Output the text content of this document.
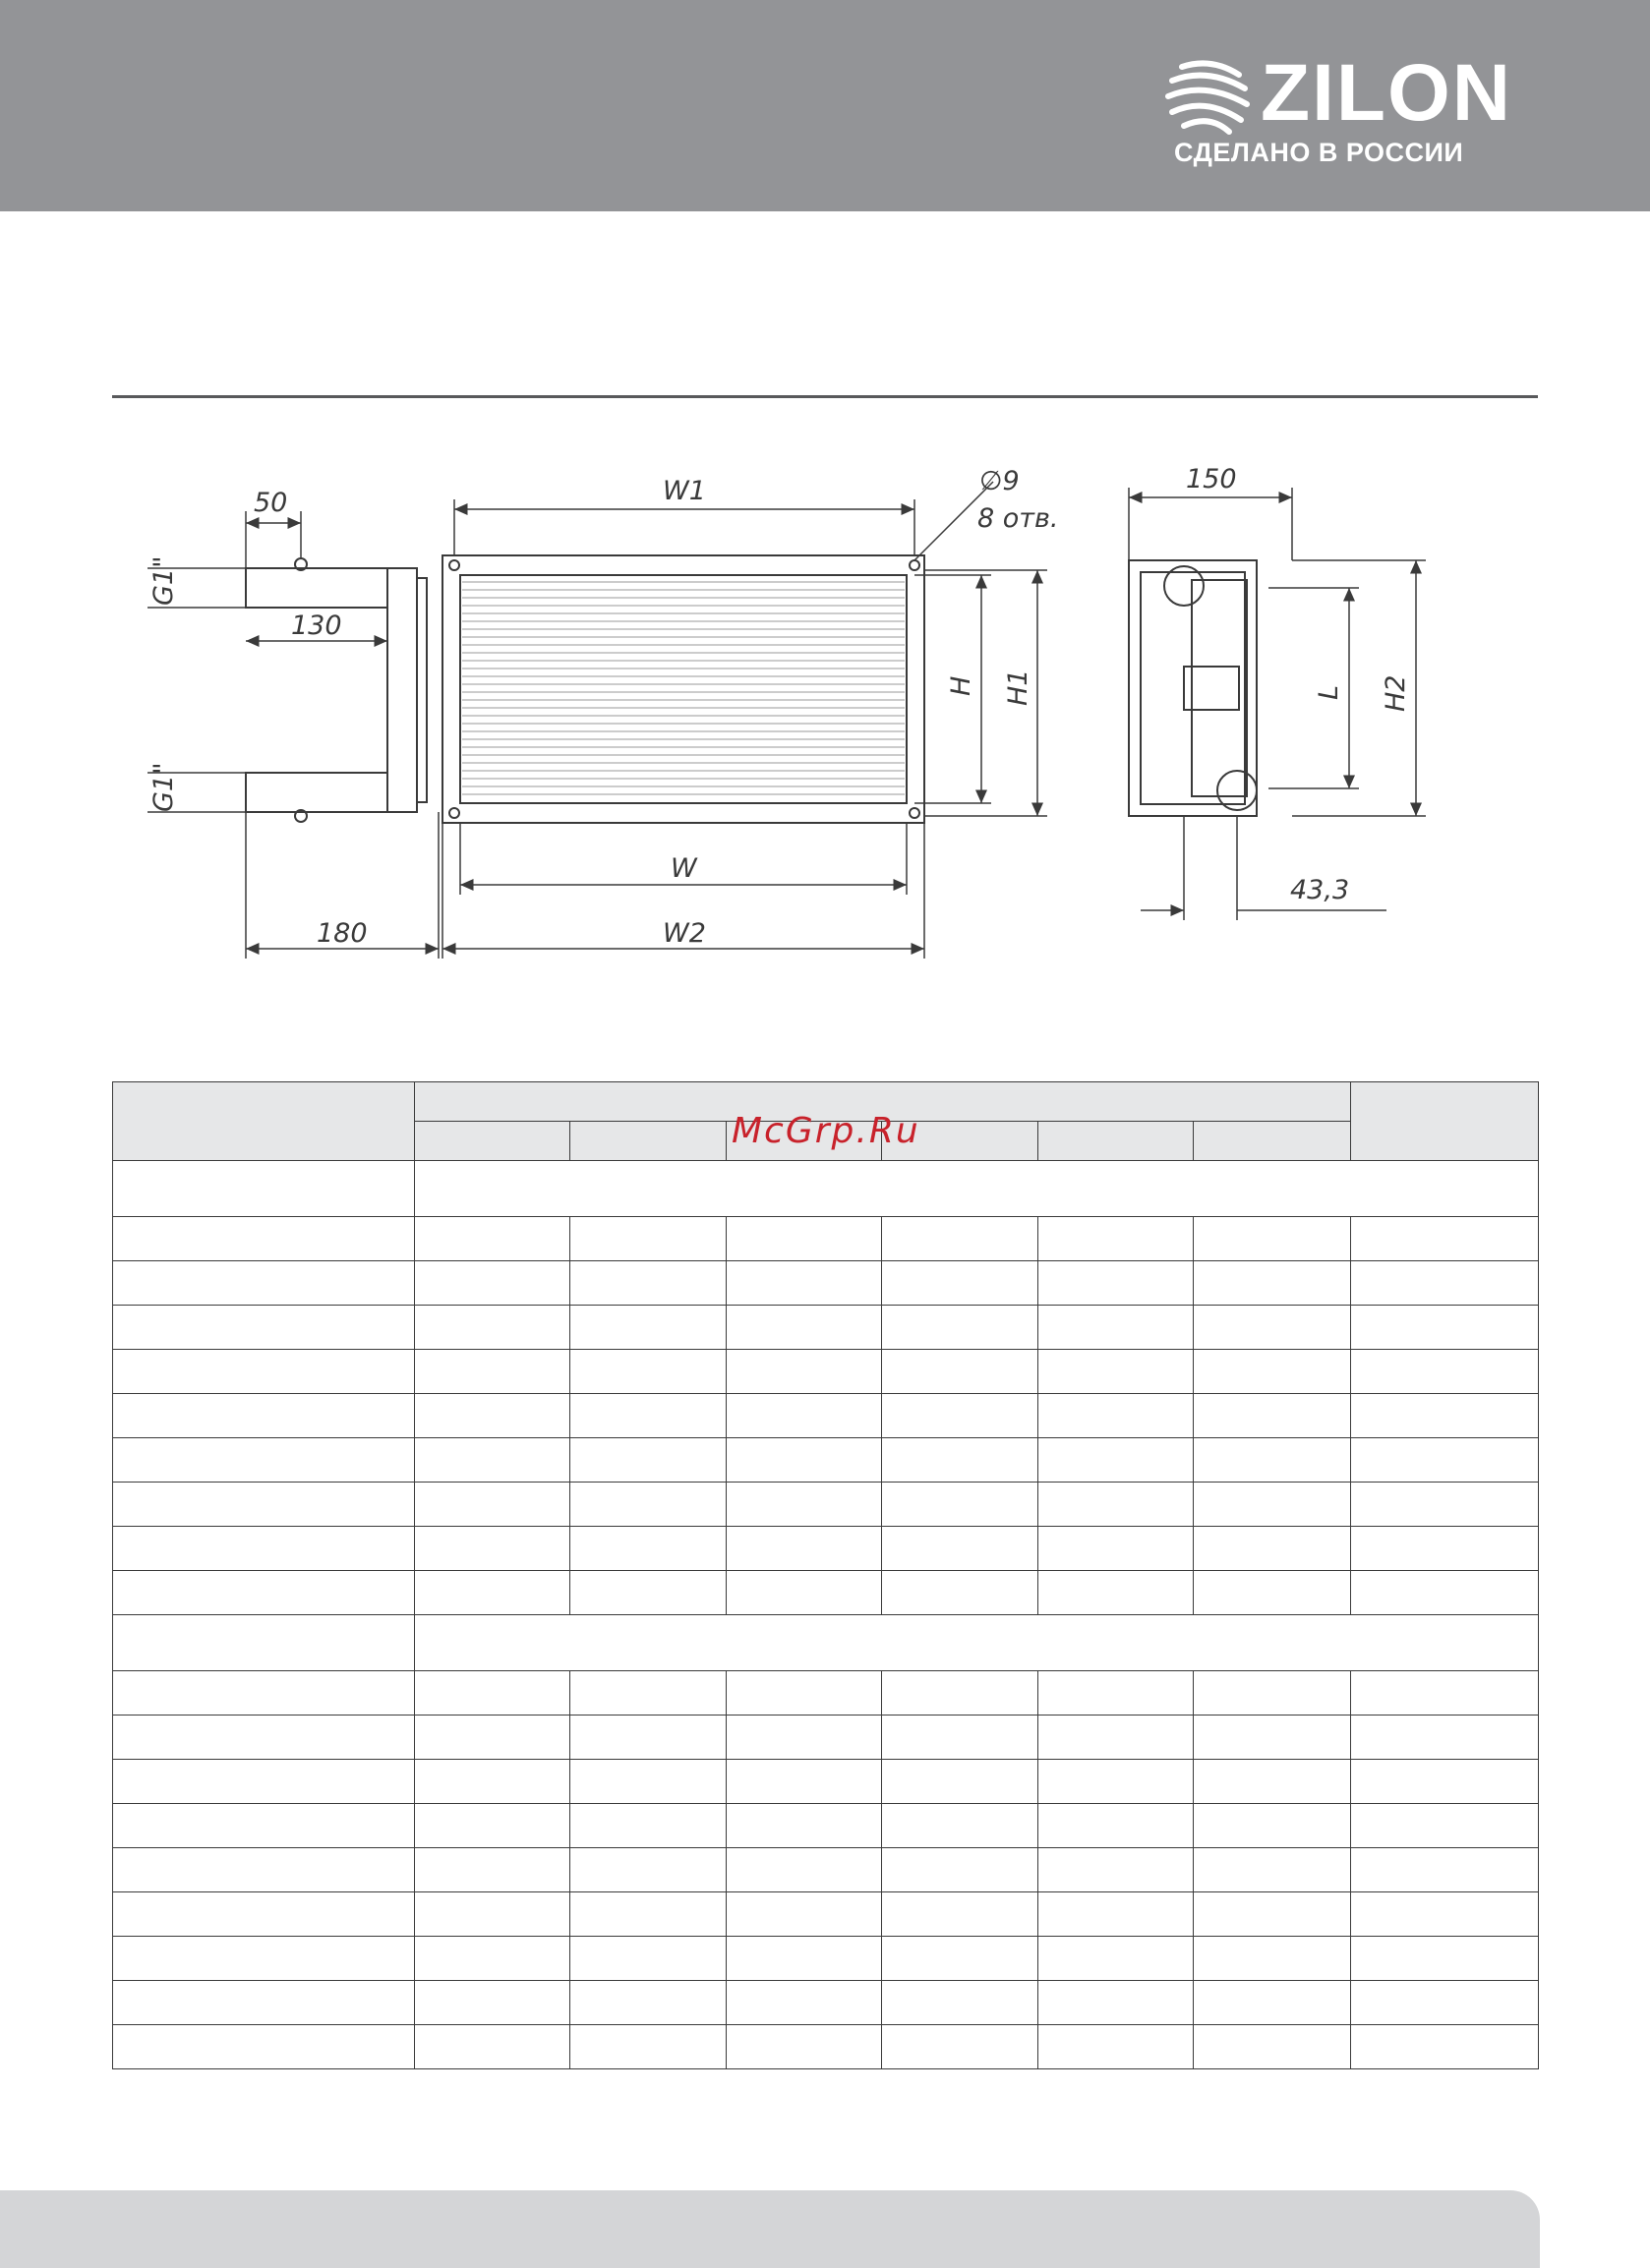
ZILON
СДЕЛАНО В РОССИИ
50
130
180
G1"
G1"
W1
W
W2
H H1
∅9
8 отв.
150
L H2
43,3

McGrp.Ru
